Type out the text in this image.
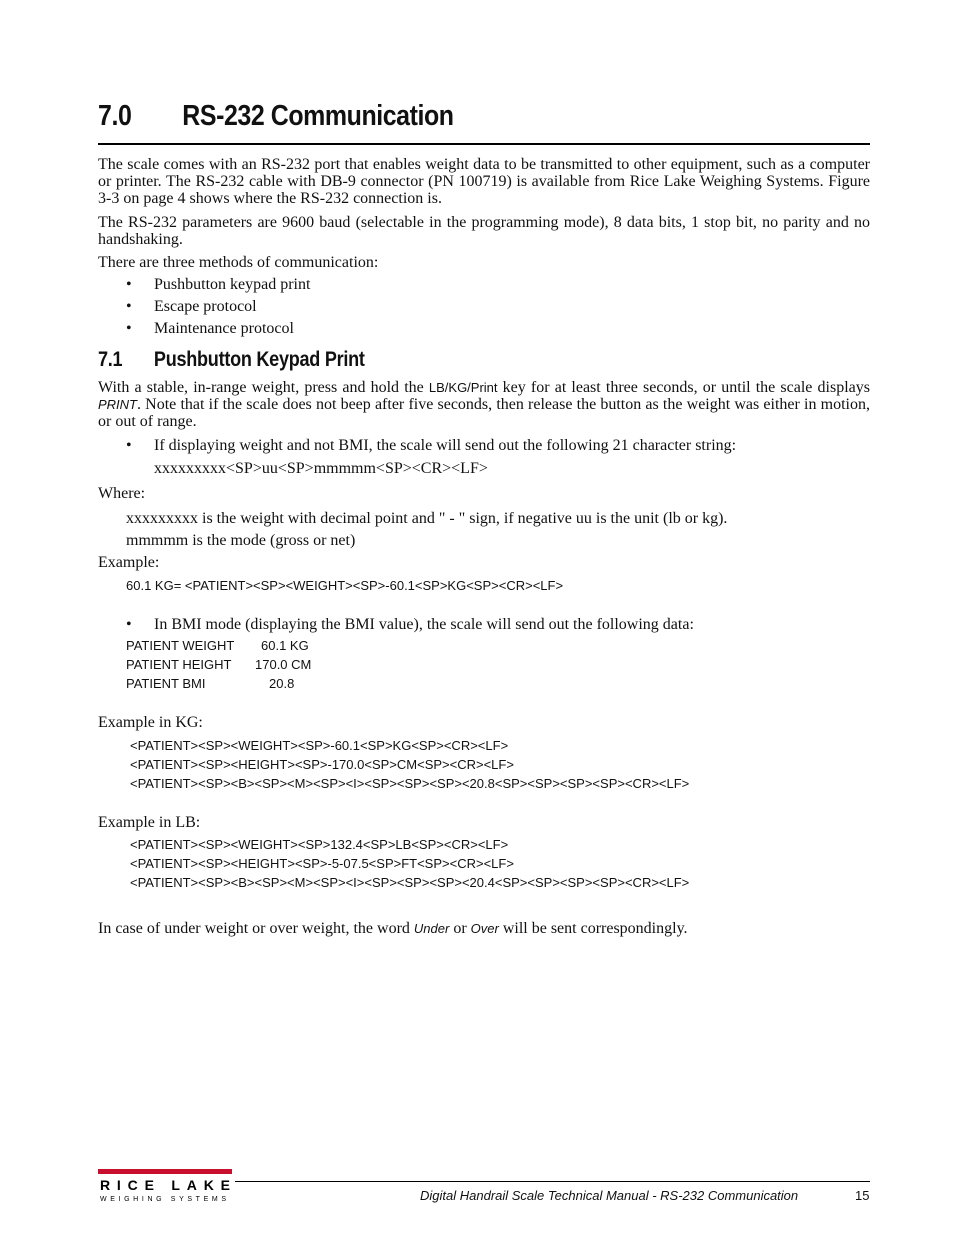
7.0 RS-232 Communication
The scale comes with an RS-232 port that enables weight data to be transmitted to other equipment, such as a computer or printer. The RS-232 cable with DB-9 connector (PN 100719) is available from Rice Lake Weighing Systems. Figure 3-3 on page 4 shows where the RS-232 connection is.
The RS-232 parameters are 9600 baud (selectable in the programming mode), 8 data bits, 1 stop bit, no parity and no handshaking.
There are three methods of communication:
• Pushbutton keypad print
• Escape protocol
• Maintenance protocol
7.1 Pushbutton Keypad Print
With a stable, in-range weight, press and hold the LB/KG/Print key for at least three seconds, or until the scale displays PRINT. Note that if the scale does not beep after five seconds, then release the button as the weight was either in motion, or out of range.
• If displaying weight and not BMI, the scale will send out the following 21 character string:
xxxxxxxxx<SP>uu<SP>mmmmm<SP><CR><LF>
Where:
xxxxxxxxx is the weight with decimal point and " - " sign, if negative uu is the unit (lb or kg).
mmmmm is the mode (gross or net)
Example:
60.1 KG= <PATIENT><SP><WEIGHT><SP>-60.1<SP>KG<SP><CR><LF>
• In BMI mode (displaying the BMI value), the scale will send out the following data:
PATIENT WEIGHT	60.1 KG
PATIENT HEIGHT	170.0 CM
PATIENT BMI	20.8
Example in KG:
<PATIENT><SP><WEIGHT><SP>-60.1<SP>KG<SP><CR><LF>
<PATIENT><SP><HEIGHT><SP>-170.0<SP>CM<SP><CR><LF>
<PATIENT><SP><B><SP><M><SP><I><SP><SP><SP><20.8<SP><SP><SP><SP><CR><LF>
Example in LB:
<PATIENT><SP><WEIGHT><SP>132.4<SP>LB<SP><CR><LF>
<PATIENT><SP><HEIGHT><SP>-5-07.5<SP>FT<SP><CR><LF>
<PATIENT><SP><B><SP><M><SP><I><SP><SP><SP><20.4<SP><SP><SP><SP><CR><LF>
In case of under weight or over weight, the word Under or Over will be sent correspondingly.
RICE LAKE
WEIGHING SYSTEMS	Digital Handrail Scale Technical Manual - RS-232 Communication	15
